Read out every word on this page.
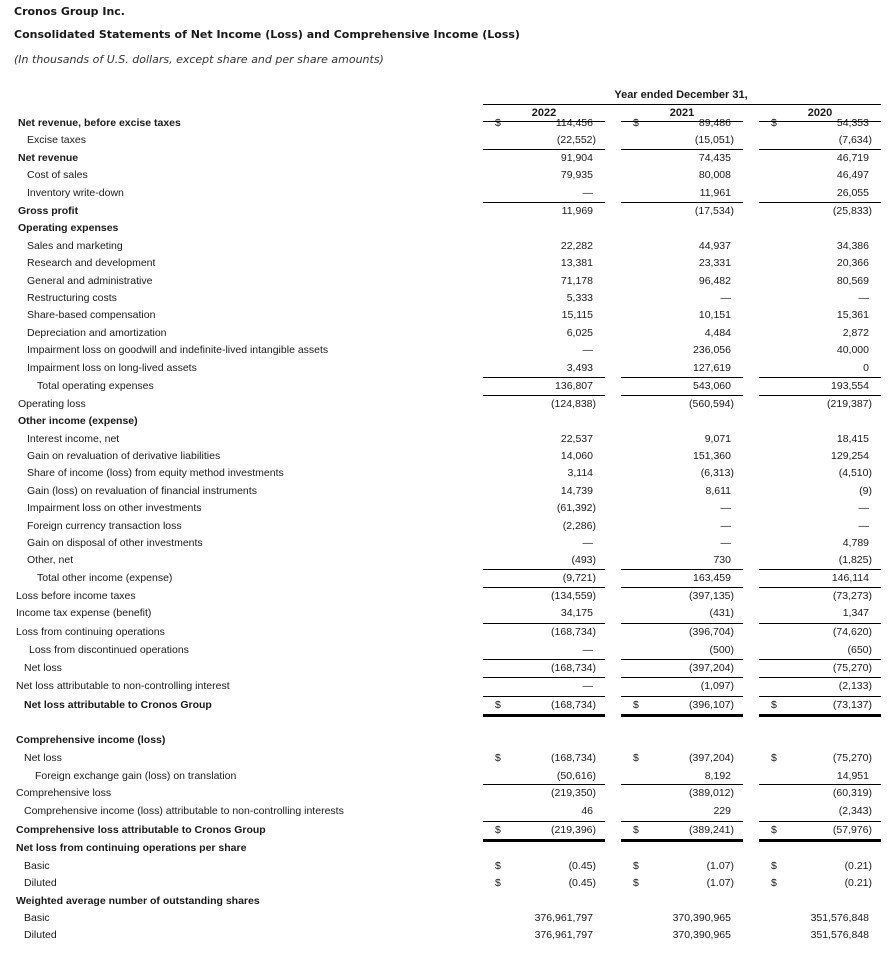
Cronos Group Inc.
Consolidated Statements of Net Income (Loss) and Comprehensive Income (Loss)
(In thousands of U.S. dollars, except share and per share amounts)
Year ended December 31,
2022	2021	2020
Net revenue, before excise taxes	$	114,456	$	89,486	$	54,353
Excise taxes	(22,552)	(15,051)	(7,634)
Net revenue	91,904	74,435	46,719
Cost of sales	79,935	80,008	46,497
Inventory write-down	—	11,961	26,055
Gross profit	11,969	(17,534)	(25,833)
Operating expenses
Sales and marketing	22,282	44,937	34,386
Research and development	13,381	23,331	20,366
General and administrative	71,178	96,482	80,569
Restructuring costs	5,333	—	—
Share-based compensation	15,115	10,151	15,361
Depreciation and amortization	6,025	4,484	2,872
Impairment loss on goodwill and indefinite-lived intangible assets	—	236,056	40,000
Impairment loss on long-lived assets	3,493	127,619	0
Total operating expenses	136,807	543,060	193,554
Operating loss	(124,838)	(560,594)	(219,387)
Other income (expense)
Interest income, net	22,537	9,071	18,415
Gain on revaluation of derivative liabilities	14,060	151,360	129,254
Share of income (loss) from equity method investments	3,114	(6,313)	(4,510)
Gain (loss) on revaluation of financial instruments	14,739	8,611	(9)
Impairment loss on other investments	(61,392)	—	—
Foreign currency transaction loss	(2,286)	—	—
Gain on disposal of other investments	—	—	4,789
Other, net	(493)	730	(1,825)
Total other income (expense)	(9,721)	163,459	146,114
Loss before income taxes	(134,559)	(397,135)	(73,273)
Income tax expense (benefit)	34,175	(431)	1,347
Loss from continuing operations	(168,734)	(396,704)	(74,620)
Loss from discontinued operations	—	(500)	(650)
Net loss	(168,734)	(397,204)	(75,270)
Net loss attributable to non-controlling interest	—	(1,097)	(2,133)
Net loss attributable to Cronos Group	$	(168,734)	$	(396,107)	$	(73,137)
Comprehensive income (loss)
Net loss	$	(168,734)	$	(397,204)	$	(75,270)
Foreign exchange gain (loss) on translation	(50,616)	8,192	14,951
Comprehensive loss	(219,350)	(389,012)	(60,319)
Comprehensive income (loss) attributable to non-controlling interests	46	229	(2,343)
Comprehensive loss attributable to Cronos Group	$	(219,396)	$	(389,241)	$	(57,976)
Net loss from continuing operations per share
Basic	$	(0.45)	$	(1.07)	$	(0.21)
Diluted	$	(0.45)	$	(1.07)	$	(0.21)
Weighted average number of outstanding shares
Basic	376,961,797	370,390,965	351,576,848
Diluted	376,961,797	370,390,965	351,576,848
